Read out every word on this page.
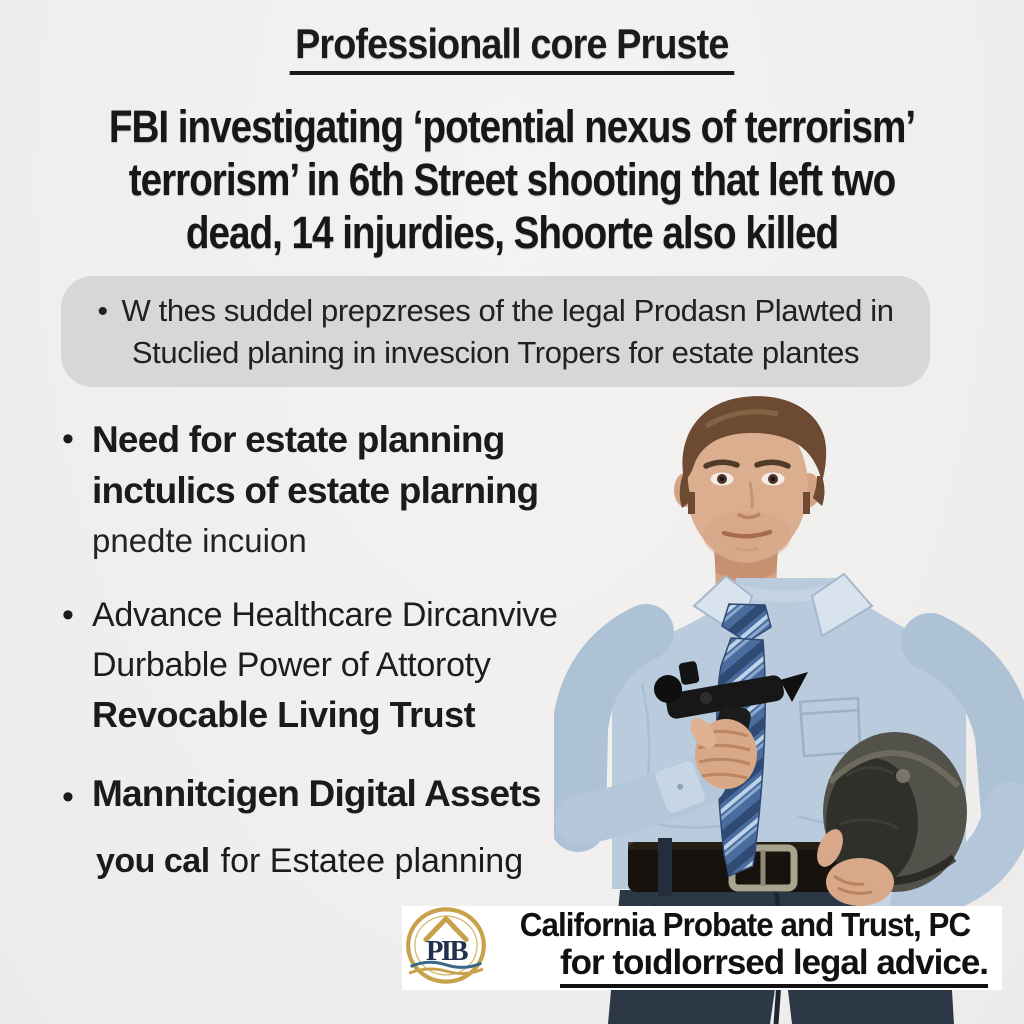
Professionall core Pruste
FBI investigating ‘potential nexus of terrorism’
terrorism’ in 6th Street shooting that left two
dead, 14 injurdies, Shoorte also killed
• W thes suddel prepzreses of the legal Prodasn Plawted in
Stuclied planing in invescion Tropers for estate plantes
• Need for estate planning
inctulics of estate plarning
pnedte incuion
• Advance Healthcare Dircanvive
Durbable Power of Attoroty
Revocable Living Trust
• Mannitcigen Digital Assets
you cal for Estatee planning
PIB
California Probate and Trust, PC
for toıdlorrsed legal advice.
